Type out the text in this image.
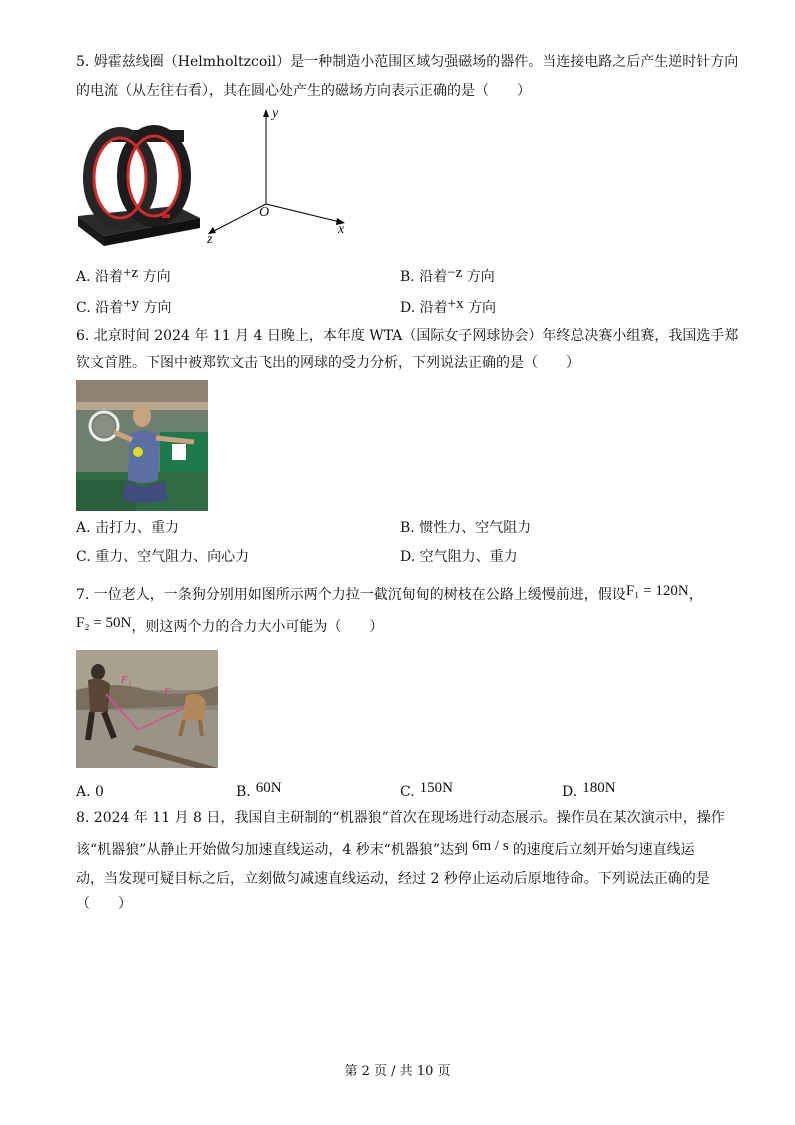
5. 姆霍兹线圈（Helmholtzcoil）是一种制造小范围区域匀强磁场的器件。当连接电路之后产生逆时针方向
的电流（从左往右看），其在圆心处产生的磁场方向表示正确的是（　　）
y
x
z
O
A. 沿着+z 方向	B. 沿着−z 方向
C. 沿着+y 方向	D. 沿着+x 方向
6. 北京时间 2024 年 11 月 4 日晚上，本年度 WTA（国际女子网球协会）年终总决赛小组赛，我国选手郑
钦文首胜。下图中被郑钦文击飞出的网球的受力分析，下列说法正确的是（　　）
A. 击打力、重力	B. 惯性力、空气阻力
C. 重力、空气阻力、向心力	D. 空气阻力、重力
7. 一位老人，一条狗分别用如图所示两个力拉一截沉甸甸的树枝在公路上缓慢前进，假设F₁ = 120N，
F₂ = 50N，则这两个力的合力大小可能为（　　）
F₁
F₂
A. 0	B. 60N	C. 150N	D. 180N
8. 2024 年 11 月 8 日，我国自主研制的“机器狼”首次在现场进行动态展示。操作员在某次演示中，操作
该“机器狼”从静止开始做匀加速直线运动，4 秒末“机器狼”达到 6m / s 的速度后立刻开始匀速直线运
动，当发现可疑目标之后，立刻做匀减速直线运动，经过 2 秒停止运动后原地待命。下列说法正确的是
（　　）
第 2 页 / 共 10 页
